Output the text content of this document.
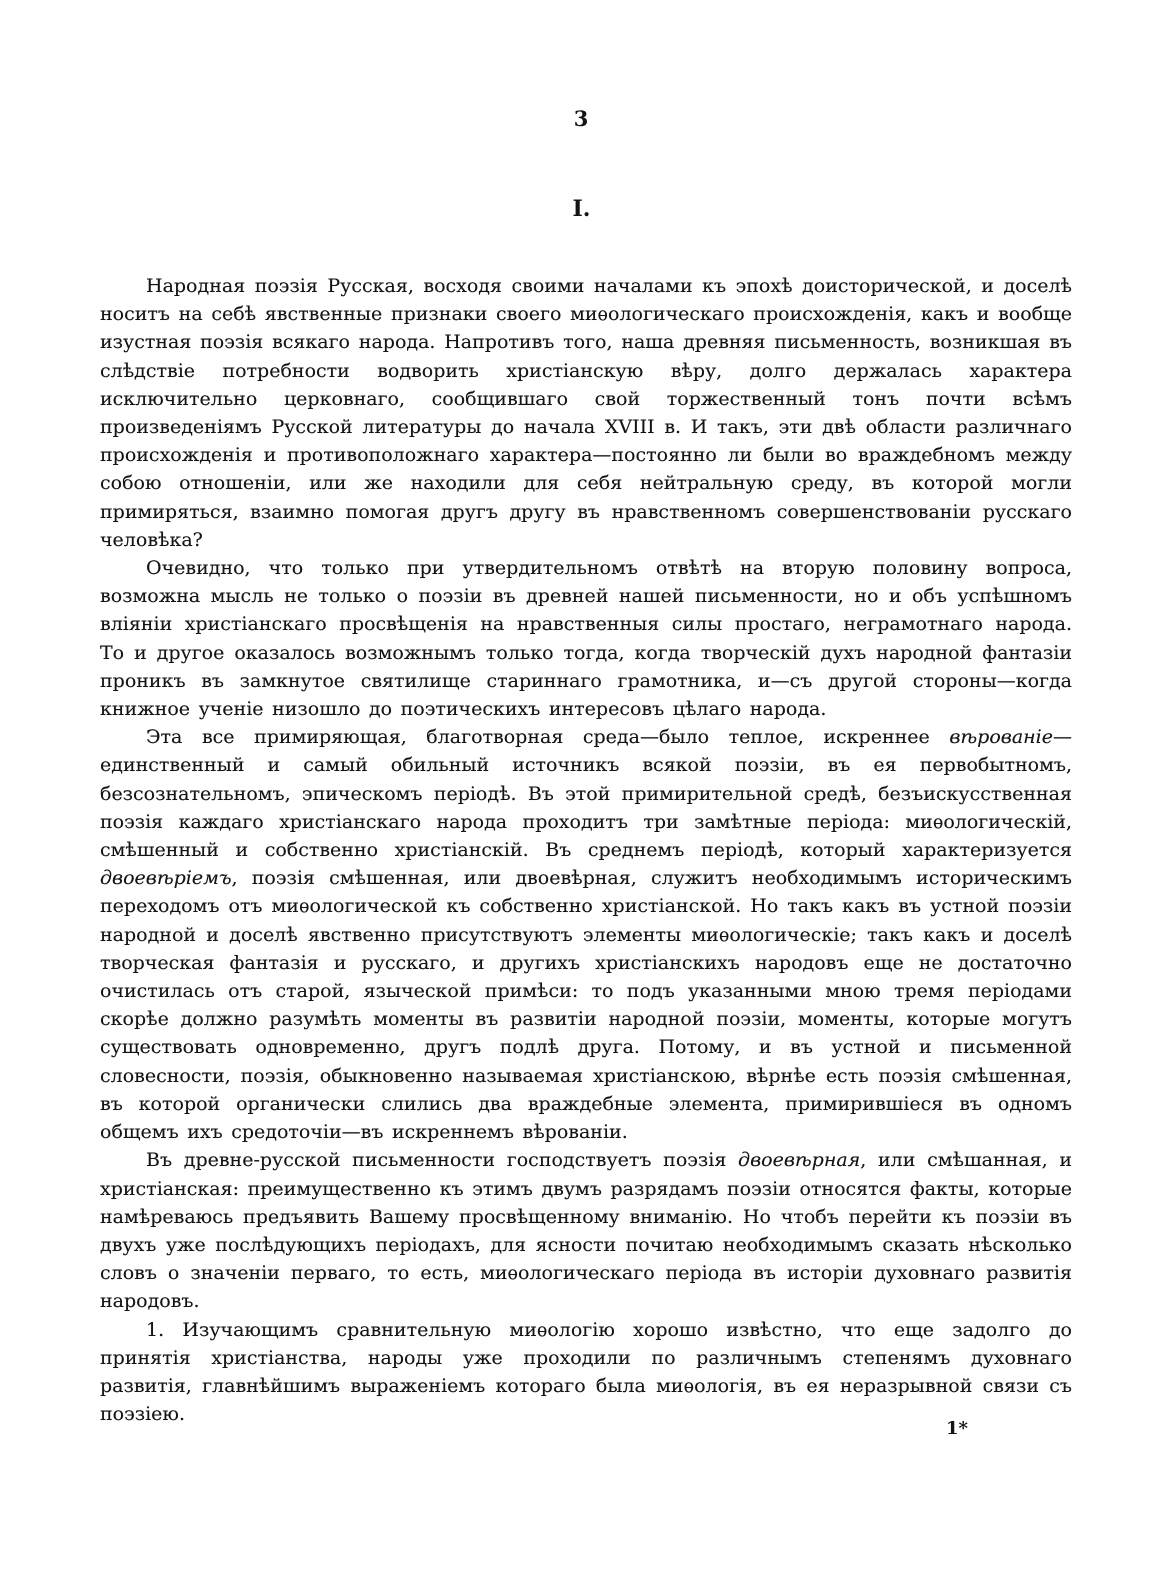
3
I.

Народная поэзія Русская, восходя своими началами къ эпохѣ доисторической, и доселѣ носитъ на себѣ явственные признаки своего миѳологическаго происхожденія, какъ и вообще изустная поэзія всякаго народа. Напротивъ того, наша древняя письменность, возникшая въ слѣдствіе потребности водворить христіанскую вѣру, долго держалась характера исключительно церковнаго, сообщившаго свой торжественный тонъ почти всѣмъ произведеніямъ Русской литературы до начала XVIII в. И такъ, эти двѣ области различнаго происхожденія и противоположнаго характера—постоянно ли были во враждебномъ между собою отношеніи, или же находили для себя нейтральную среду, въ которой могли примиряться, взаимно помогая другъ другу въ нравственномъ совершенствованіи русскаго человѣка?

Очевидно, что только при утвердительномъ отвѣтѣ на вторую половину вопроса, возможна мысль не только о поэзіи въ древней нашей письменности, но и объ успѣшномъ вліяніи христіанскаго просвѣщенія на нравственныя силы простаго, неграмотнаго народа. То и другое оказалось возможнымъ только тогда, когда творческій духъ народной фантазіи проникъ въ замкнутое святилище стариннаго грамотника, и—съ другой стороны—когда книжное ученіе низошло до поэтическихъ интересовъ цѣлаго народа.

Эта все примиряющая, благотворная среда—было теплое, искреннее вѣрованіе—единственный и самый обильный источникъ всякой поэзіи, въ ея первобытномъ, безсознательномъ, эпическомъ періодѣ. Въ этой примирительной средѣ, безъискусственная поэзія каждаго христіанскаго народа проходитъ три замѣтные періода: миѳологическій, смѣшенный и собственно христіанскій. Въ среднемъ періодѣ, который характеризуется двоевѣріемъ, поэзія смѣшенная, или двоевѣрная, служитъ необходимымъ историческимъ переходомъ отъ миѳологической къ собственно христіанской. Но такъ какъ въ устной поэзіи народной и доселѣ явственно присутствуютъ элементы миѳологическіе; такъ какъ и доселѣ творческая фантазія и русскаго, и другихъ христіанскихъ народовъ еще не достаточно очистилась отъ старой, языческой примѣси: то подъ указанными мною тремя періодами скорѣе должно разумѣть моменты въ развитіи народной поэзіи, моменты, которые могутъ существовать одновременно, другъ подлѣ друга. Потому, и въ устной и письменной словесности, поэзія, обыкновенно называемая христіанскою, вѣрнѣе есть поэзія смѣшенная, въ которой органически слились два враждебные элемента, примирившіеся въ одномъ общемъ ихъ средоточіи—въ искреннемъ вѣрованіи.

Въ древне-русской письменности господствуетъ поэзія двоевѣрная, или смѣшанная, и христіанская: преимущественно къ этимъ двумъ разрядамъ поэзіи относятся факты, которые намѣреваюсь предъявить Вашему просвѣщенному вниманію. Но чтобъ перейти къ поэзіи въ двухъ уже послѣдующихъ періодахъ, для ясности почитаю необходимымъ сказать нѣсколько словъ о значеніи перваго, то есть, миѳологическаго періода въ исторіи духовнаго развитія народовъ.

1. Изучающимъ сравнительную миѳологію хорошо извѣстно, что еще задолго до принятія христіанства, народы уже проходили по различнымъ степенямъ духовнаго развитія, главнѣйшимъ выраженіемъ котораго была миѳологія, въ ея неразрывной связи съ поэзіею.

1*
